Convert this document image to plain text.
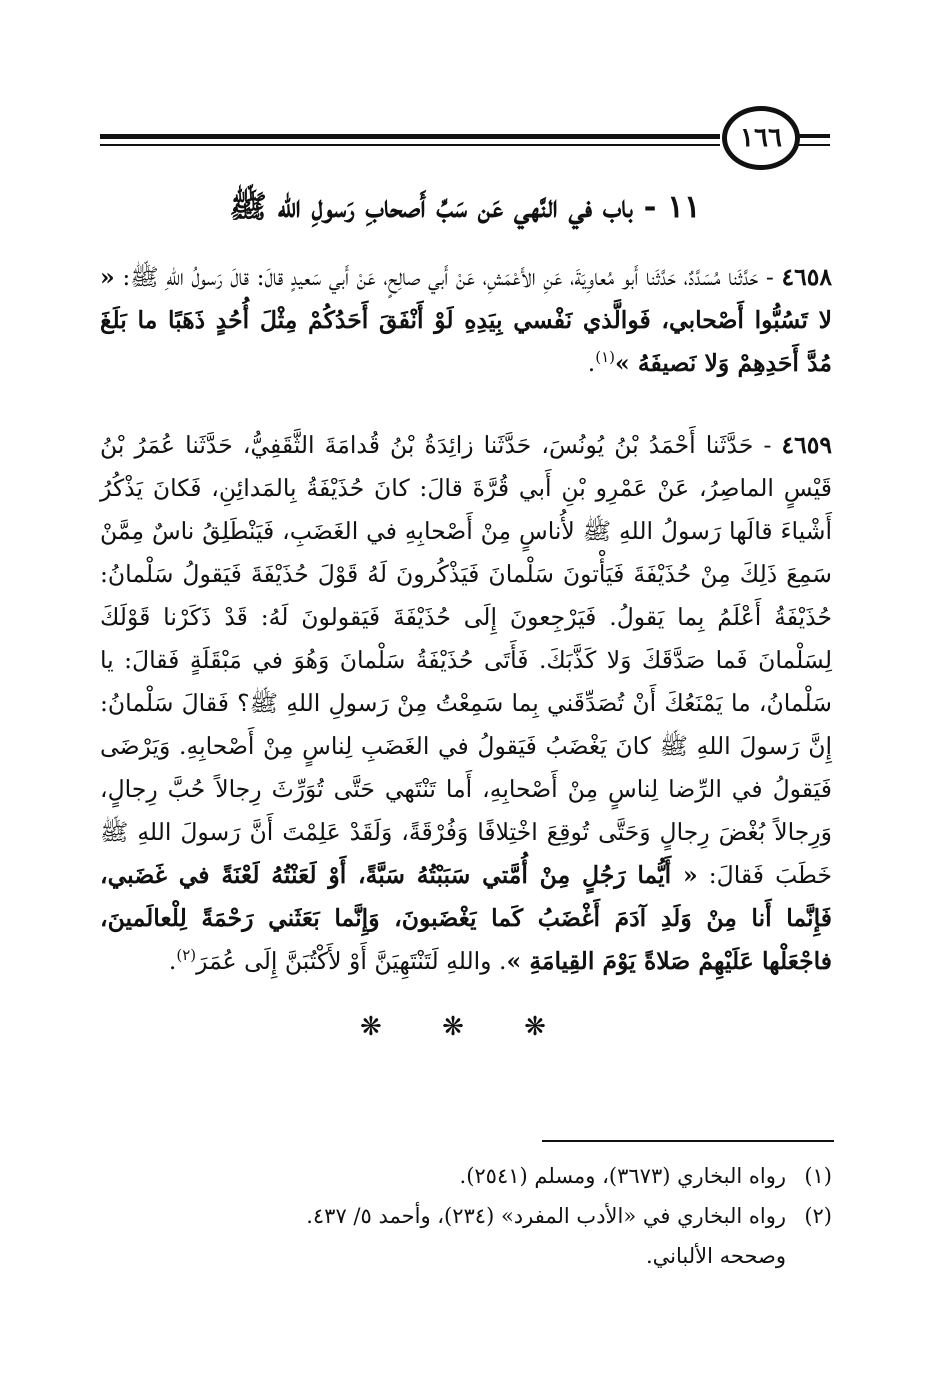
١٦٦
١١ - باب في النَّهي عَن سَبِّ أَصحابِ رَسولِ الله ﷺ
٤٦٥٨ - حَدَّثَنا مُسَدَّدٌ، حَدَّثَنا أَبو مُعاوِيَةَ، عَنِ الأَعْمَشِ، عَنْ أَبي صالِحٍ، عَنْ أَبي سَعيدٍ قالَ: قالَ رَسولُ اللهِ ﷺ: « لا تَسُبُّوا أَصْحابي، فَوالَّذي نَفْسي بِيَدِهِ لَوْ أَنْفَقَ أَحَدُكُمْ مِثْلَ أُحُدٍ ذَهَبًا ما بَلَغَ مُدَّ أَحَدِهِمْ وَلا نَصيفَهُ »$^{(١)}$.
٤٦٥٩ - حَدَّثَنا أَحْمَدُ بْنُ يُونُسَ، حَدَّثَنا زائِدَةُ بْنُ قُدامَةَ الثَّقَفِيُّ، حَدَّثَنا عُمَرُ بْنُ قَيْسٍ الماصِرُ، عَنْ عَمْرِو بْنِ أَبي قُرَّةَ قالَ: كانَ حُذَيْفَةُ بِالمَدائِنِ، فَكانَ يَذْكُرُ أَشْياءَ قالَها رَسولُ اللهِ ﷺ لأُناسٍ مِنْ أَصْحابِهِ في الغَضَبِ، فَيَنْطَلِقُ ناسٌ مِمَّنْ سَمِعَ ذَلِكَ مِنْ حُذَيْفَةَ فَيَأْتونَ سَلْمانَ فَيَذْكُرونَ لَهُ قَوْلَ حُذَيْفَةَ فَيَقولُ سَلْمانُ: حُذَيْفَةُ أَعْلَمُ بِما يَقولُ. فَيَرْجِعونَ إِلَى حُذَيْفَةَ فَيَقولونَ لَهُ: قَدْ ذَكَرْنا قَوْلَكَ لِسَلْمانَ فَما صَدَّقَكَ وَلا كَذَّبَكَ. فَأَتَى حُذَيْفَةُ سَلْمانَ وَهُوَ في مَبْقَلَةٍ فَقالَ: يا سَلْمانُ، ما يَمْنَعُكَ أَنْ تُصَدِّقَني بِما سَمِعْتُ مِنْ رَسولِ اللهِ ﷺ؟ فَقالَ سَلْمانُ: إِنَّ رَسولَ اللهِ ﷺ كانَ يَغْضَبُ فَيَقولُ في الغَضَبِ لِناسٍ مِنْ أَصْحابِهِ. وَيَرْضَى فَيَقولُ في الرِّضا لِناسٍ مِنْ أَصْحابِهِ، أَما تَنْتَهي حَتَّى تُوَرِّثَ رِجالاً حُبَّ رِجالٍ، وَرِجالاً بُغْضَ رِجالٍ وَحَتَّى تُوقِعَ اخْتِلافًا وَفُرْقَةً، وَلَقَدْ عَلِمْتَ أَنَّ رَسولَ اللهِ ﷺ خَطَبَ فَقالَ: « أَيُّما رَجُلٍ مِنْ أُمَّتي سَبَبْتُهُ سَبَّةً، أَوْ لَعَنْتُهُ لَعْنَةً في غَضَبي، فَإِنَّما أَنا مِنْ وَلَدِ آدَمَ أَغْضَبُ كَما يَغْضَبونَ، وَإِنَّما بَعَثَني رَحْمَةً لِلْعالَمينَ، فاجْعَلْها عَلَيْهِمْ صَلاةً يَوْمَ القِيامَةِ ». واللهِ لَتَنْتَهِيَنَّ أَوْ لأَكْتُبَنَّ إِلَى عُمَرَ$^{(٢)}$.
❋ ❋ ❋
(١)رواه البخاري (٣٦٧٣)، ومسلم (٢٥٤١).
(٢)رواه البخاري في «الأدب المفرد» (٢٣٤)، وأحمد ٥/ ٤٣٧.
وصححه الألباني.
